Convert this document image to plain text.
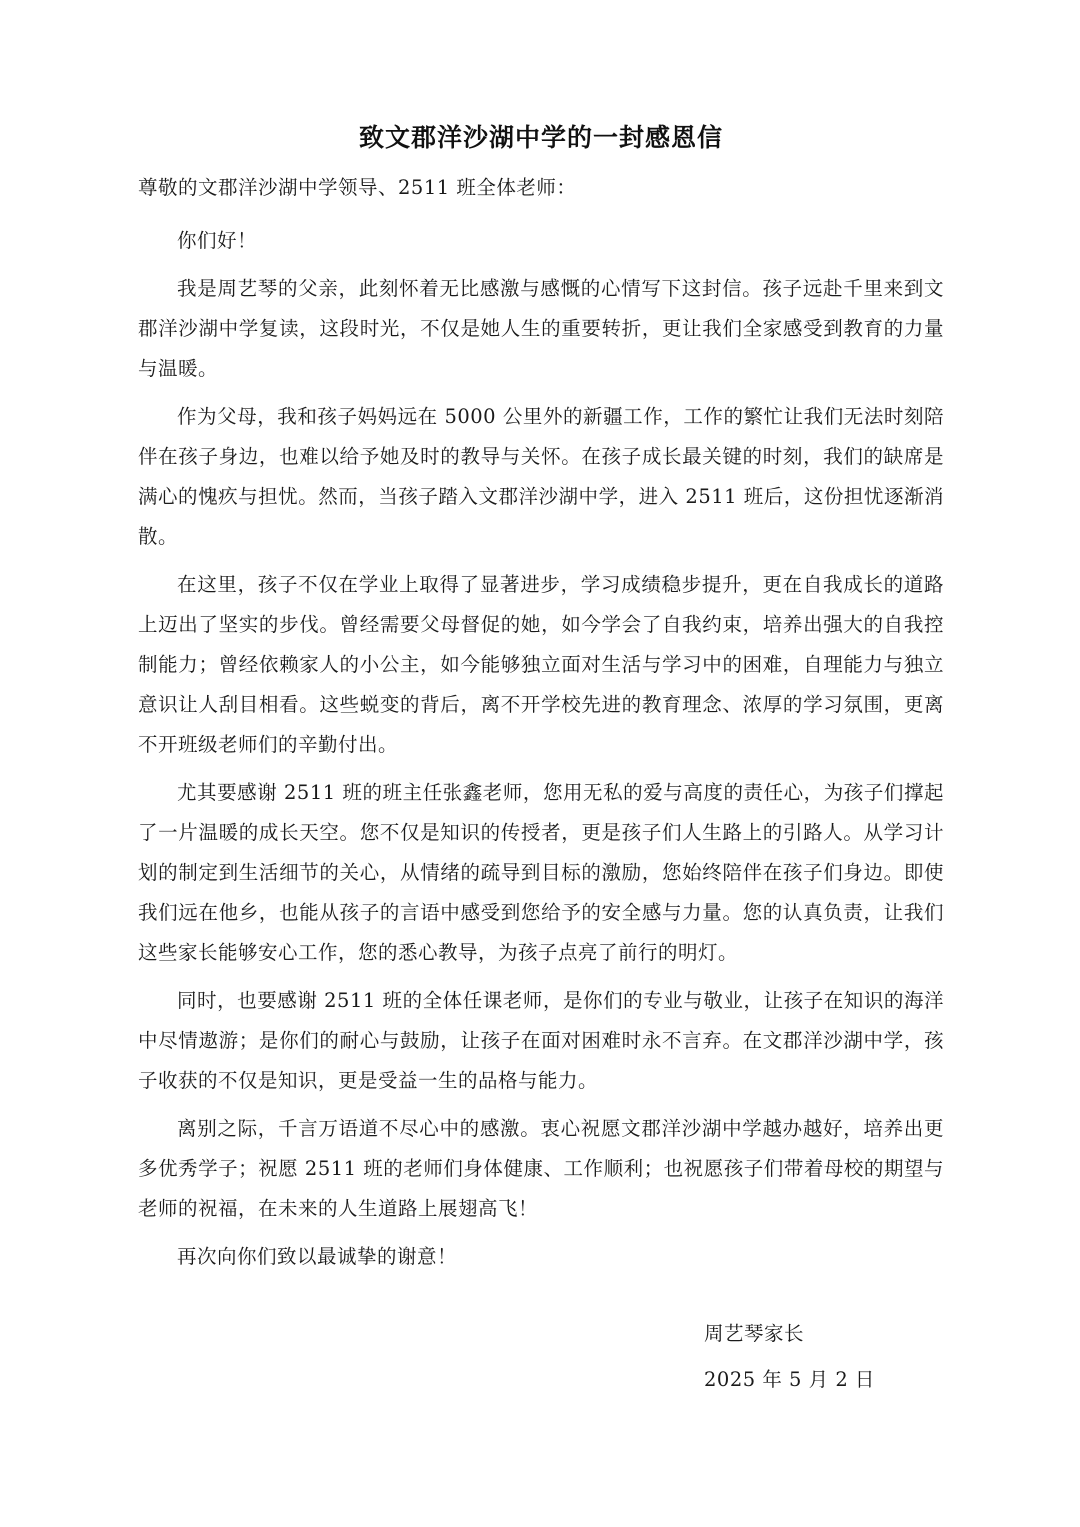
致文郡洋沙湖中学的一封感恩信

尊敬的文郡洋沙湖中学领导、2511 班全体老师：

你们好！

我是周艺琴的父亲，此刻怀着无比感激与感慨的心情写下这封信。孩子远赴千里来到文郡洋沙湖中学复读，这段时光，不仅是她人生的重要转折，更让我们全家感受到教育的力量与温暖。

作为父母，我和孩子妈妈远在 5000 公里外的新疆工作，工作的繁忙让我们无法时刻陪伴在孩子身边，也难以给予她及时的教导与关怀。在孩子成长最关键的时刻，我们的缺席是满心的愧疚与担忧。然而，当孩子踏入文郡洋沙湖中学，进入 2511 班后，这份担忧逐渐消散。

在这里，孩子不仅在学业上取得了显著进步，学习成绩稳步提升，更在自我成长的道路上迈出了坚实的步伐。曾经需要父母督促的她，如今学会了自我约束，培养出强大的自我控制能力；曾经依赖家人的小公主，如今能够独立面对生活与学习中的困难，自理能力与独立意识让人刮目相看。这些蜕变的背后，离不开学校先进的教育理念、浓厚的学习氛围，更离不开班级老师们的辛勤付出。

尤其要感谢 2511 班的班主任张鑫老师，您用无私的爱与高度的责任心，为孩子们撑起了一片温暖的成长天空。您不仅是知识的传授者，更是孩子们人生路上的引路人。从学习计划的制定到生活细节的关心，从情绪的疏导到目标的激励，您始终陪伴在孩子们身边。即使我们远在他乡，也能从孩子的言语中感受到您给予的安全感与力量。您的认真负责，让我们这些家长能够安心工作，您的悉心教导，为孩子点亮了前行的明灯。

同时，也要感谢 2511 班的全体任课老师，是你们的专业与敬业，让孩子在知识的海洋中尽情遨游；是你们的耐心与鼓励，让孩子在面对困难时永不言弃。在文郡洋沙湖中学，孩子收获的不仅是知识，更是受益一生的品格与能力。

离别之际，千言万语道不尽心中的感激。衷心祝愿文郡洋沙湖中学越办越好，培养出更多优秀学子；祝愿 2511 班的老师们身体健康、工作顺利；也祝愿孩子们带着母校的期望与老师的祝福，在未来的人生道路上展翅高飞！

再次向你们致以最诚挚的谢意！

周艺琴家长
2025 年 5 月 2 日
